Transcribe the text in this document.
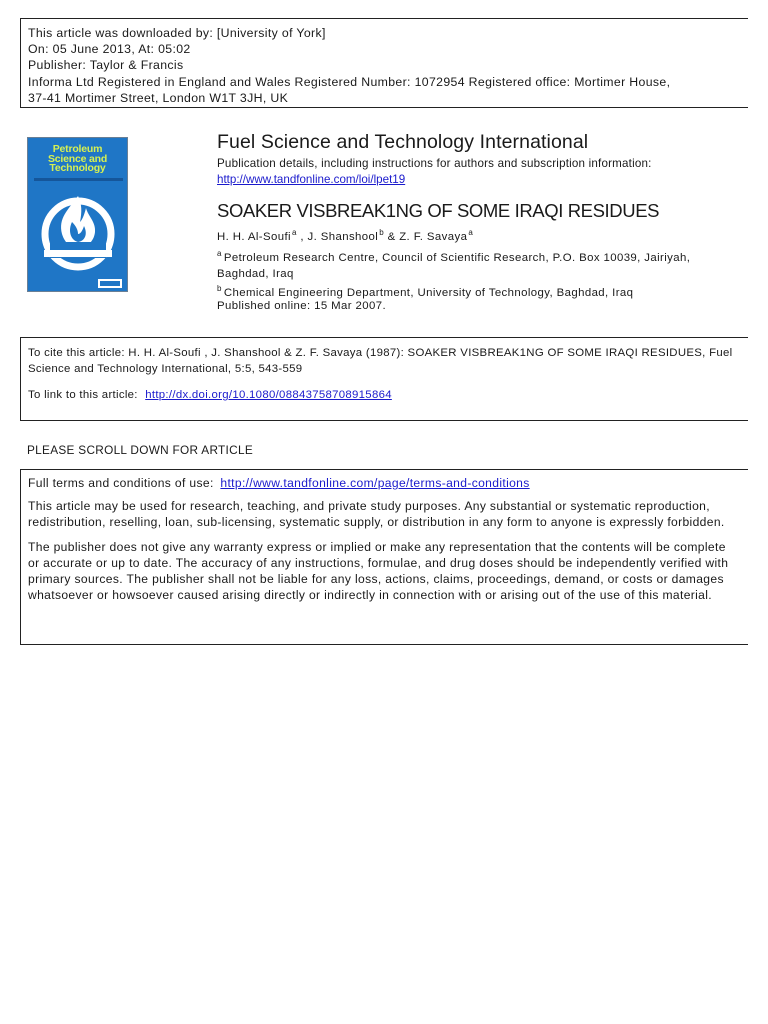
This article was downloaded by: [University of York]
On: 05 June 2013, At: 05:02
Publisher: Taylor & Francis
Informa Ltd Registered in England and Wales Registered Number: 1072954 Registered office: Mortimer House,
37-41 Mortimer Street, London W1T 3JH, UK
Petroleum
Science and
Technology
Fuel Science and Technology International
Publication details, including instructions for authors and subscription information:
http://www.tandfonline.com/loi/lpet19
SOAKER VISBREAK1NG OF SOME IRAQI RESIDUES
H. H. Al-Soufi$^a$ , J. Shanshool$^b$ & Z. F. Savaya$^a$
$^a$ Petroleum Research Centre, Council of Scientific Research, P.O. Box 10039, Jairiyah, Baghdad, Iraq
$^b$ Chemical Engineering Department, University of Technology, Baghdad, Iraq
Published online: 15 Mar 2007.
To cite this article: H. H. Al-Soufi , J. Shanshool & Z. F. Savaya (1987): SOAKER VISBREAK1NG OF SOME IRAQI RESIDUES, Fuel Science and Technology International, 5:5, 543-559
To link to this article: http://dx.doi.org/10.1080/08843758708915864
PLEASE SCROLL DOWN FOR ARTICLE
Full terms and conditions of use: http://www.tandfonline.com/page/terms-and-conditions

This article may be used for research, teaching, and private study purposes. Any substantial or systematic reproduction, redistribution, reselling, loan, sub-licensing, systematic supply, or distribution in any form to anyone is expressly forbidden.

The publisher does not give any warranty express or implied or make any representation that the contents will be complete or accurate or up to date. The accuracy of any instructions, formulae, and drug doses should be independently verified with primary sources. The publisher shall not be liable for any loss, actions, claims, proceedings, demand, or costs or damages whatsoever or howsoever caused arising directly or indirectly in connection with or arising out of the use of this material.
